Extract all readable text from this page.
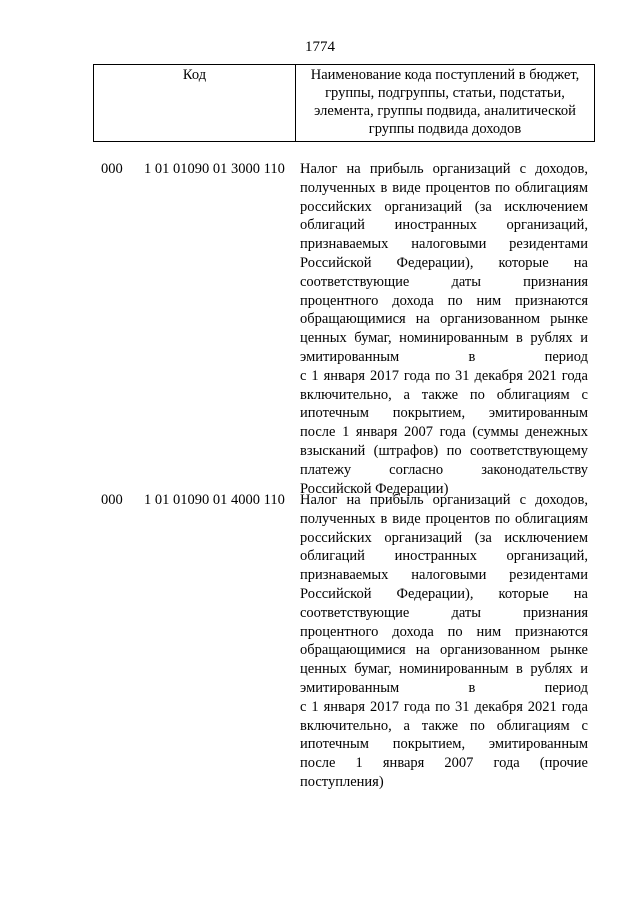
1774
Код	Наименование кода поступлений в бюджет,
группы, подгруппы, статьи, подстатьи,
элемента, группы подвида, аналитической
группы подвида доходов
000 1 01 01090 01 3000 110 Налог на прибыль организаций с доходов,
полученных в виде процентов по облигациям
российских организаций (за исключением
облигаций иностранных организаций,
признаваемых налоговыми резидентами
Российской Федерации), которые на
соответствующие даты признания
процентного дохода по ним признаются
обращающимися на организованном рынке
ценных бумаг, номинированным в рублях и
эмитированным в период
с 1 января 2017 года по 31 декабря 2021 года
включительно, а также по облигациям с
ипотечным покрытием, эмитированным
после 1 января 2007 года (суммы денежных
взысканий (штрафов) по соответствующему
платежу согласно законодательству
Российской Федерации)
000 1 01 01090 01 4000 110 Налог на прибыль организаций с доходов,
полученных в виде процентов по облигациям
российских организаций (за исключением
облигаций иностранных организаций,
признаваемых налоговыми резидентами
Российской Федерации), которые на
соответствующие даты признания
процентного дохода по ним признаются
обращающимися на организованном рынке
ценных бумаг, номинированным в рублях и
эмитированным в период
с 1 января 2017 года по 31 декабря 2021 года
включительно, а также по облигациям с
ипотечным покрытием, эмитированным
после 1 января 2007 года (прочие
поступления)
